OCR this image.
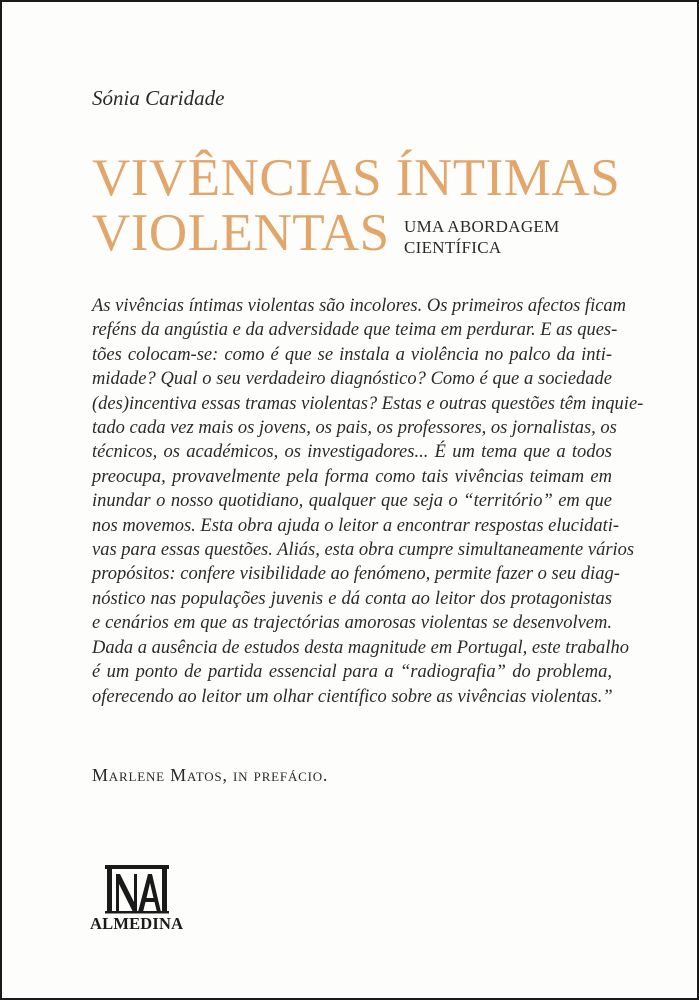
Sónia Caridade
VIVÊNCIAS ÍNTIMAS
VIOLENTAS UMA ABORDAGEM
CIENTÍFICA
As vivências íntimas violentas são incolores. Os primeiros afectos ficam
reféns da angústia e da adversidade que teima em perdurar. E as ques-
tões colocam-se: como é que se instala a violência no palco da inti-
midade? Qual o seu verdadeiro diagnóstico? Como é que a sociedade
(des)incentiva essas tramas violentas? Estas e outras questões têm inquie-
tado cada vez mais os jovens, os pais, os professores, os jornalistas, os
técnicos, os académicos, os investigadores... É um tema que a todos
preocupa, provavelmente pela forma como tais vivências teimam em
inundar o nosso quotidiano, qualquer que seja o “território” em que
nos movemos. Esta obra ajuda o leitor a encontrar respostas elucidati-
vas para essas questões. Aliás, esta obra cumpre simultaneamente vários
propósitos: confere visibilidade ao fenómeno, permite fazer o seu diag-
nóstico nas populações juvenis e dá conta ao leitor dos protagonistas
e cenários em que as trajectórias amorosas violentas se desenvolvem.
Dada a ausência de estudos desta magnitude em Portugal, este trabalho
é um ponto de partida essencial para a “radiografia” do problema,
oferecendo ao leitor um olhar científico sobre as vivências violentas.”
Marlene Matos, in prefácio.
ALMEDINA
